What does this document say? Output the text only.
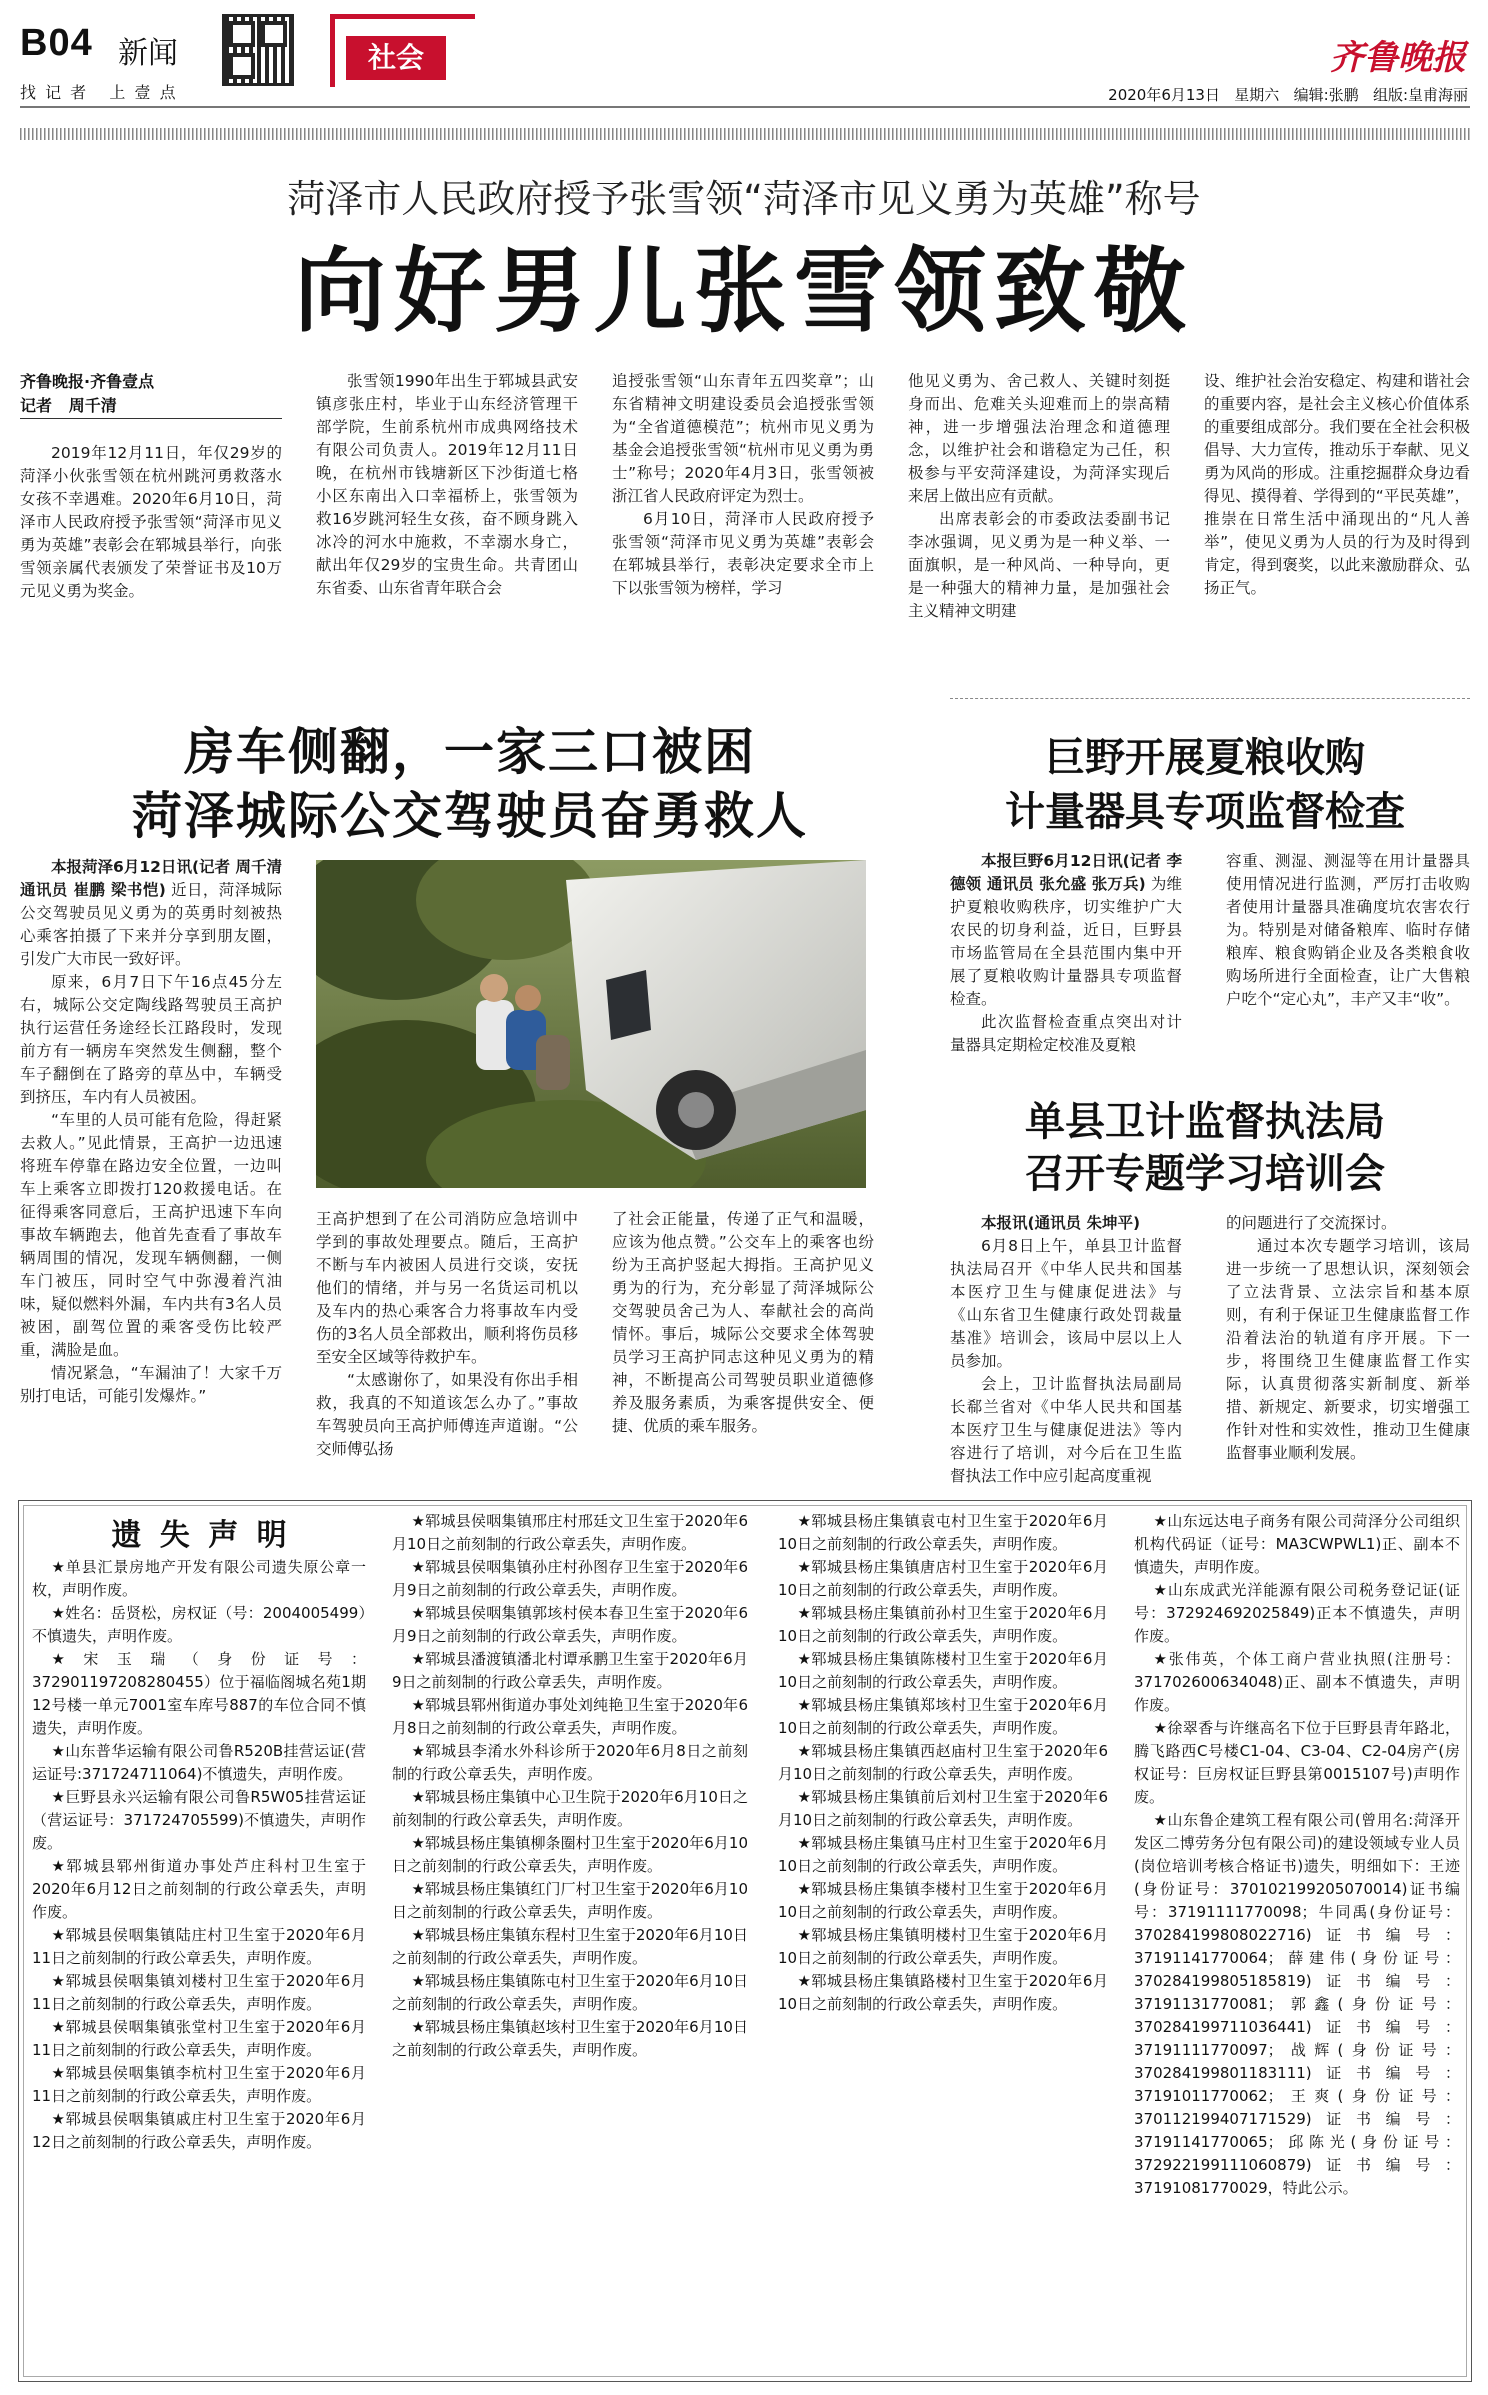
B04 新闻
找 记 者   上 壹 点
社会	齐鲁晚报
2020年6月13日   星期六   编辑:张鹏   组版:皇甫海丽
菏泽市人民政府授予张雪领“菏泽市见义勇为英雄”称号
向好男儿张雪领致敬
齐鲁晚报·齐鲁壹点
记者   周千清

2019年12月11日，年仅29岁的菏泽小伙张雪领在杭州跳河勇救落水女孩不幸遇难。2020年6月10日，菏泽市人民政府授予张雪领“菏泽市见义勇为英雄”表彰会在郓城县举行，向张雪领亲属代表颁发了荣誉证书及10万元见义勇为奖金。

张雪领1990年出生于郓城县武安镇彦张庄村，毕业于山东经济管理干部学院，生前系杭州市成典网络技术有限公司负责人。2019年12月11日晚，在杭州市钱塘新区下沙街道七格小区东南出入口幸福桥上，张雪领为救16岁跳河轻生女孩，奋不顾身跳入冰冷的河水中施救，不幸溺水身亡，献出年仅29岁的宝贵生命。共青团山东省委、山东省青年联合会

追授张雪领“山东青年五四奖章”；山东省精神文明建设委员会追授张雪领为“全省道德模范”；杭州市见义勇为基金会追授张雪领“杭州市见义勇为勇士”称号；2020年4月3日，张雪领被浙江省人民政府评定为烈士。

6月10日，菏泽市人民政府授予张雪领“菏泽市见义勇为英雄”表彰会在郓城县举行，表彰决定要求全市上下以张雪领为榜样，学习

他见义勇为、舍己救人、关键时刻挺身而出、危难关头迎难而上的崇高精神，进一步增强法治理念和道德理念，以维护社会和谐稳定为己任，积极参与平安菏泽建设，为菏泽实现后来居上做出应有贡献。

出席表彰会的市委政法委副书记李冰强调，见义勇为是一种义举、一面旗帜，是一种风尚、一种导向，更是一种强大的精神力量，是加强社会主义精神文明建

设、维护社会治安稳定、构建和谐社会的重要内容，是社会主义核心价值体系的重要组成部分。我们要在全社会积极倡导、大力宣传，推动乐于奉献、见义勇为风尚的形成。注重挖掘群众身边看得见、摸得着、学得到的“平民英雄”，推崇在日常生活中涌现出的“凡人善举”，使见义勇为人员的行为及时得到肯定，得到褒奖，以此来激励群众、弘扬正气。

房车侧翻，一家三口被困
菏泽城际公交驾驶员奋勇救人

本报菏泽6月12日讯(记者 周千清 通讯员 崔鹏 梁书恺) 近日，菏泽城际公交驾驶员见义勇为的英勇时刻被热心乘客拍摄了下来并分享到朋友圈，引发广大市民一致好评。

原来，6月7日下午16点45分左右，城际公交定陶线路驾驶员王高护执行运营任务途经长江路段时，发现前方有一辆房车突然发生侧翻，整个车子翻倒在了路旁的草丛中，车辆受到挤压，车内有人员被困。

“车里的人员可能有危险，得赶紧去救人。”见此情景，王高护一边迅速将班车停靠在路边安全位置，一边叫车上乘客立即拨打120救援电话。在征得乘客同意后，王高护迅速下车向事故车辆跑去，他首先查看了事故车辆周围的情况，发现车辆侧翻，一侧车门被压，同时空气中弥漫着汽油味，疑似燃料外漏，车内共有3名人员被困，副驾位置的乘客受伤比较严重，满脸是血。

情况紧急，“车漏油了！大家千万别打电话，可能引发爆炸。”

王高护想到了在公司消防应急培训中学到的事故处理要点。随后，王高护不断与车内被困人员进行交谈，安抚他们的情绪，并与另一名货运司机以及车内的热心乘客合力将事故车内受伤的3名人员全部救出，顺利将伤员移至安全区域等待救护车。

“太感谢你了，如果没有你出手相救，我真的不知道该怎么办了。”事故车驾驶员向王高护师傅连声道谢。“公交师傅弘扬

了社会正能量，传递了正气和温暖，应该为他点赞。”公交车上的乘客也纷纷为王高护竖起大拇指。王高护见义勇为的行为，充分彰显了菏泽城际公交驾驶员舍己为人、奉献社会的高尚情怀。事后，城际公交要求全体驾驶员学习王高护同志这种见义勇为的精神，不断提高公司驾驶员职业道德修养及服务素质，为乘客提供安全、便捷、优质的乘车服务。

巨野开展夏粮收购
计量器具专项监督检查

本报巨野6月12日讯(记者 李德领 通讯员 张允盛 张万兵) 为维护夏粮收购秩序，切实维护广大农民的切身利益，近日，巨野县市场监管局在全县范围内集中开展了夏粮收购计量器具专项监督检查。

此次监督检查重点突出对计量器具定期检定校准及夏粮

容重、测湿、测湿等在用计量器具使用情况进行监测，严厉打击收购者使用计量器具准确度坑农害农行为。特别是对储备粮库、临时存储粮库、粮食购销企业及各类粮食收购场所进行全面检查，让广大售粮户吃个“定心丸”，丰产又丰“收”。

单县卫计监督执法局
召开专题学习培训会

本报讯(通讯员 朱坤平)

6月8日上午，单县卫计监督执法局召开《中华人民共和国基本医疗卫生与健康促进法》与《山东省卫生健康行政处罚裁量基准》培训会，该局中层以上人员参加。

会上，卫计监督执法局副局长郗兰省对《中华人民共和国基本医疗卫生与健康促进法》等内容进行了培训，对今后在卫生监督执法工作中应引起高度重视

的问题进行了交流探讨。

通过本次专题学习培训，该局进一步统一了思想认识，深刻领会了立法背景、立法宗旨和基本原则，有利于保证卫生健康监督工作沿着法治的轨道有序开展。下一步，将围绕卫生健康监督工作实际，认真贯彻落实新制度、新举措、新规定、新要求，切实增强工作针对性和实效性，推动卫生健康监督事业顺利发展。

遗 失 声 明

★单县汇景房地产开发有限公司遗失原公章一枚，声明作废。

★姓名：岳贤松，房权证（号：2004005499）不慎遗失，声明作废。

★宋玉瑞（身份证号：372901197208280455）位于福临阁城名苑1期12号楼一单元7001室车库号887的车位合同不慎遗失，声明作废。

★山东普华运输有限公司鲁R520B挂营运证(营运证号:371724711064)不慎遗失，声明作废。

★巨野县永兴运输有限公司鲁R5W05挂营运证（营运证号：371724705599)不慎遗失，声明作废。

★郓城县郓州街道办事处芦庄科村卫生室于2020年6月12日之前刻制的行政公章丢失，声明作废。

★郓城县侯咽集镇陆庄村卫生室于2020年6月11日之前刻制的行政公章丢失，声明作废。

★郓城县侯咽集镇刘楼村卫生室于2020年6月11日之前刻制的行政公章丢失，声明作废。

★郓城县侯咽集镇张堂村卫生室于2020年6月11日之前刻制的行政公章丢失，声明作废。

★郓城县侯咽集镇李杭村卫生室于2020年6月11日之前刻制的行政公章丢失，声明作废。

★郓城县侯咽集镇戚庄村卫生室于2020年6月12日之前刻制的行政公章丢失，声明作废。

★郓城县侯咽集镇邢庄村邢廷文卫生室于2020年6月10日之前刻制的行政公章丢失，声明作废。

★郓城县侯咽集镇孙庄村孙图存卫生室于2020年6月9日之前刻制的行政公章丢失，声明作废。

★郓城县侯咽集镇郭垓村侯本春卫生室于2020年6月9日之前刻制的行政公章丢失，声明作废。

★郓城县潘渡镇潘北村谭承鹏卫生室于2020年6月9日之前刻制的行政公章丢失，声明作废。

★郓城县郓州街道办事处刘纯艳卫生室于2020年6月8日之前刻制的行政公章丢失，声明作废。

★郓城县李淆水外科诊所于2020年6月8日之前刻制的行政公章丢失，声明作废。

★郓城县杨庄集镇中心卫生院于2020年6月10日之前刻制的行政公章丢失，声明作废。

★郓城县杨庄集镇柳条圈村卫生室于2020年6月10日之前刻制的行政公章丢失，声明作废。

★郓城县杨庄集镇红门厂村卫生室于2020年6月10日之前刻制的行政公章丢失，声明作废。

★郓城县杨庄集镇东程村卫生室于2020年6月10日之前刻制的行政公章丢失，声明作废。

★郓城县杨庄集镇陈屯村卫生室于2020年6月10日之前刻制的行政公章丢失，声明作废。

★郓城县杨庄集镇赵垓村卫生室于2020年6月10日之前刻制的行政公章丢失，声明作废。

★郓城县杨庄集镇袁屯村卫生室于2020年6月10日之前刻制的行政公章丢失，声明作废。

★郓城县杨庄集镇唐店村卫生室于2020年6月10日之前刻制的行政公章丢失，声明作废。

★郓城县杨庄集镇前孙村卫生室于2020年6月10日之前刻制的行政公章丢失，声明作废。

★郓城县杨庄集镇陈楼村卫生室于2020年6月10日之前刻制的行政公章丢失，声明作废。

★郓城县杨庄集镇郑垓村卫生室于2020年6月10日之前刻制的行政公章丢失，声明作废。

★郓城县杨庄集镇西赵庙村卫生室于2020年6月10日之前刻制的行政公章丢失，声明作废。

★郓城县杨庄集镇前后刘村卫生室于2020年6月10日之前刻制的行政公章丢失，声明作废。

★郓城县杨庄集镇马庄村卫生室于2020年6月10日之前刻制的行政公章丢失，声明作废。

★郓城县杨庄集镇李楼村卫生室于2020年6月10日之前刻制的行政公章丢失，声明作废。

★郓城县杨庄集镇明楼村卫生室于2020年6月10日之前刻制的行政公章丢失，声明作废。

★郓城县杨庄集镇路楼村卫生室于2020年6月10日之前刻制的行政公章丢失，声明作废。

★山东远达电子商务有限公司菏泽分公司组织机构代码证（证号：MA3CWPWL1)正、副本不慎遗失，声明作废。

★山东成武光洋能源有限公司税务登记证(证号：372924692025849)正本不慎遗失，声明作废。

★张伟英，个体工商户营业执照(注册号：371702600634048)正、副本不慎遗失，声明作废。

★徐翠香与许继高名下位于巨野县青年路北，腾飞路西C号楼C1-04、C3-04、C2-04房产(房权证号：巨房权证巨野县第0015107号)声明作废。

★山东鲁企建筑工程有限公司(曾用名:菏泽开发区二博劳务分包有限公司)的建设领域专业人员(岗位培训考核合格证书)遗失，明细如下：王迹(身份证号：370102199205070014)证书编号：37191111770098；牛同禹(身份证号：370284199808022716)证书编号：37191141770064；薛建伟(身份证号：370284199805185819)证书编号：37191131770081；郭鑫(身份证号：370284199711036441)证书编号：37191111770097；战辉(身份证号：370284199801183111)证书编号：37191011770062；王爽(身份证号：370112199407171529)证书编号：37191141770065；邱陈光(身份证号：372922199111060879)证书编号：37191081770029，特此公示。
